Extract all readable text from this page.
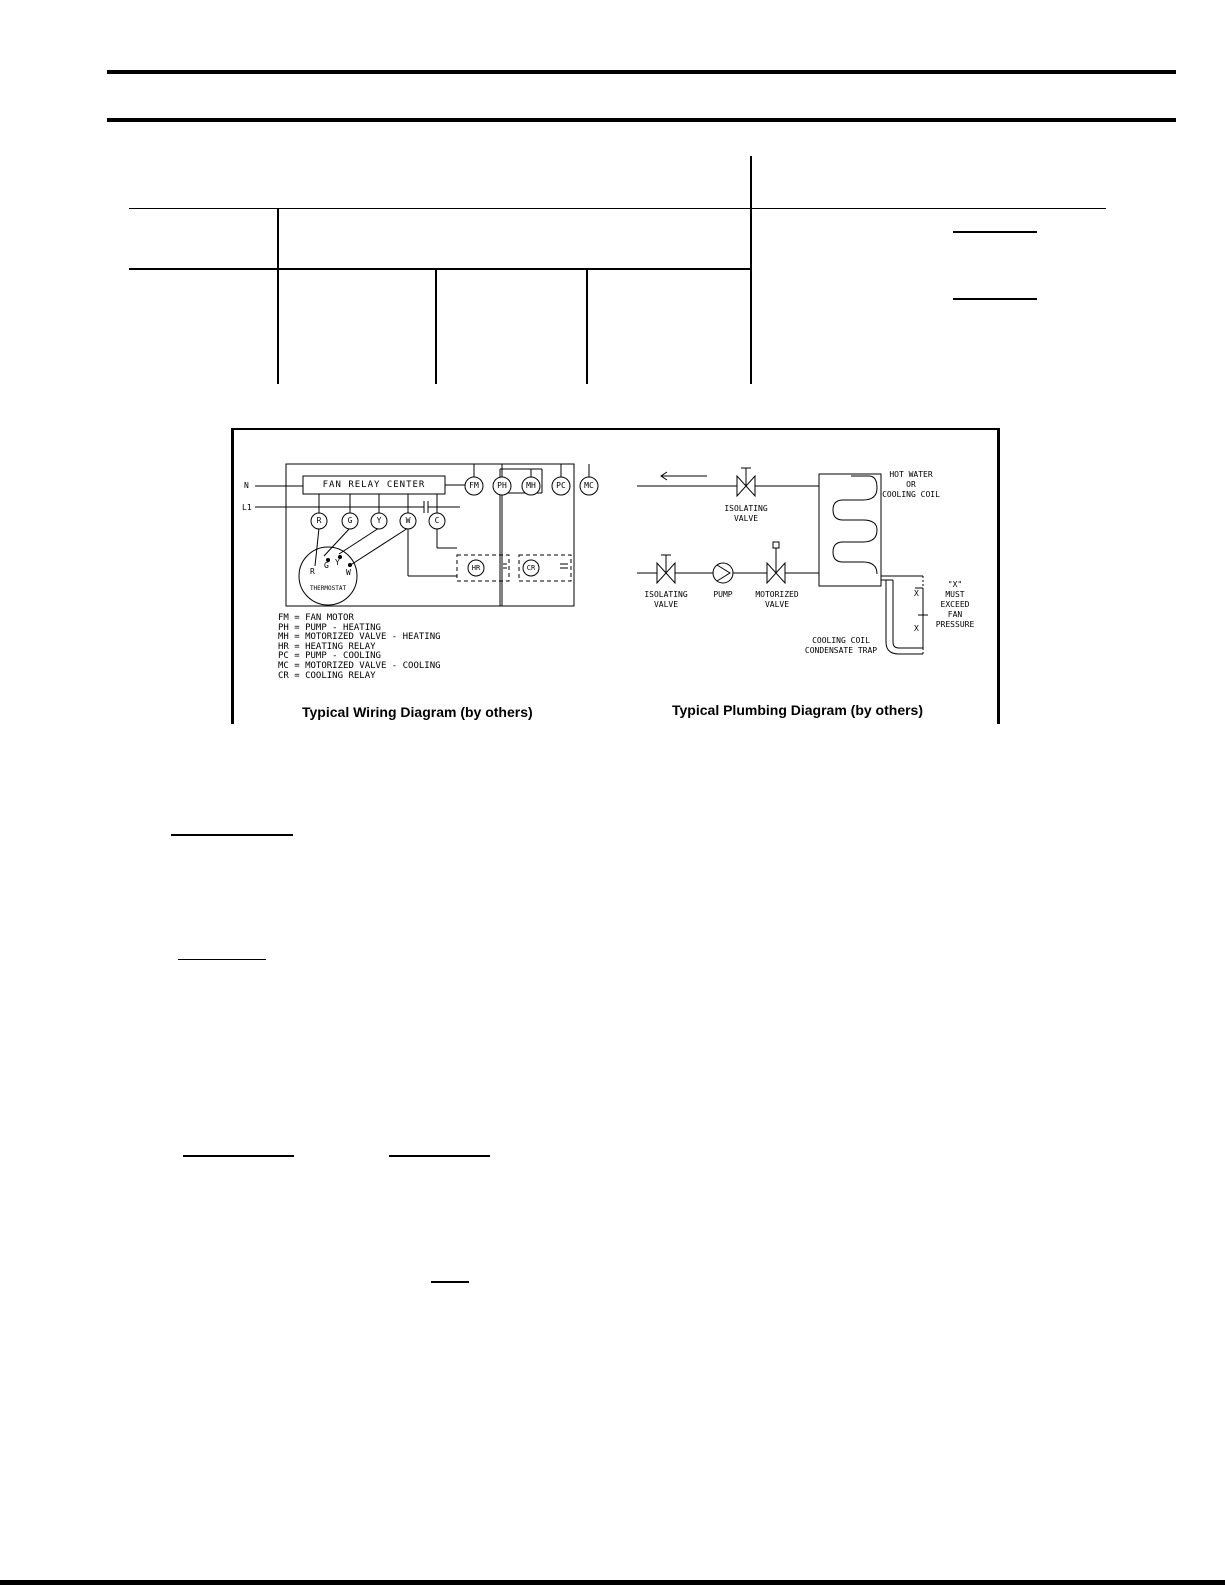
FAN RELAY CENTER
N
L1
R	G	Y	W	C
FM	PH	MH	PC	MC
HR	CR
R
G Y
W
THERMOSTAT
FM = FAN MOTOR
PH = PUMP - HEATING
MH = MOTORIZED VALVE - HEATING
HR = HEATING RELAY
PC = PUMP - COOLING
MC = MOTORIZED VALVE - COOLING
CR = COOLING RELAY
Typical Wiring Diagram (by others)
ISOLATING
VALVE
ISOLATING
VALVE
PUMP	MOTORIZED
VALVE
HOT WATER
OR
COOLING COIL
COOLING COIL
CONDENSATE TRAP
"X"
MUST
EXCEED
FAN
PRESSURE
X
X
Typical Plumbing Diagram (by others)
